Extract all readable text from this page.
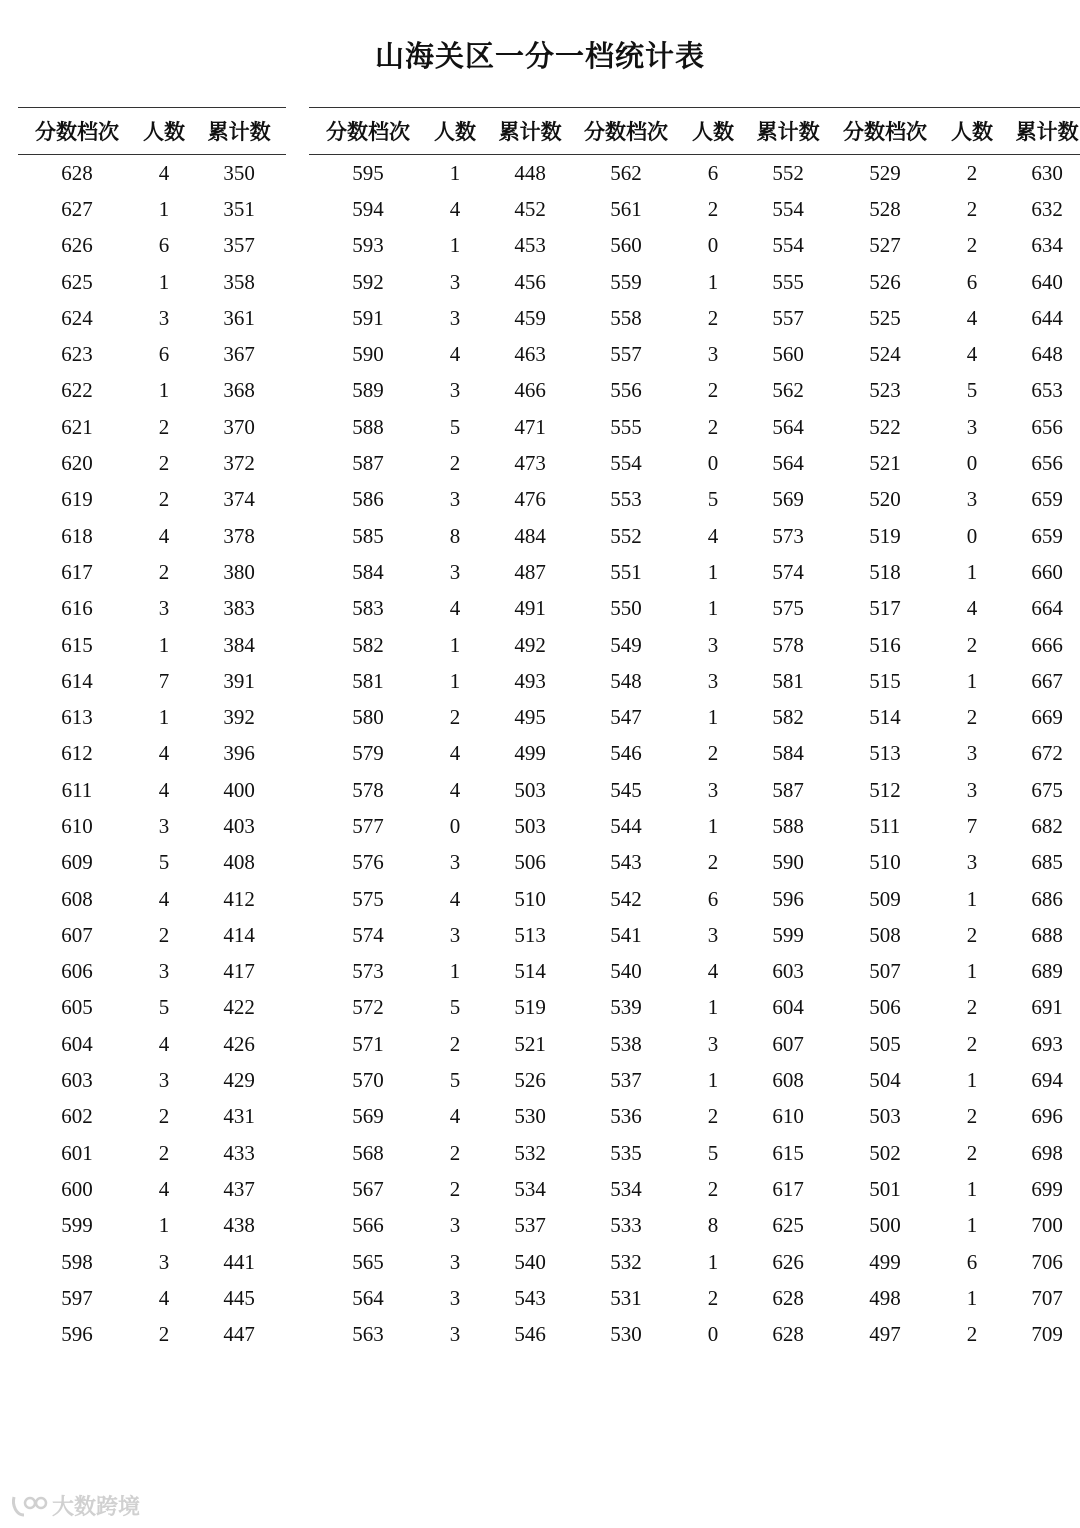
山海关区一分一档统计表
分数档次	人数	累计数
628	4	350
627	1	351
626	6	357
625	1	358
624	3	361
623	6	367
622	1	368
621	2	370
620	2	372
619	2	374
618	4	378
617	2	380
616	3	383
615	1	384
614	7	391
613	1	392
612	4	396
611	4	400
610	3	403
609	5	408
608	4	412
607	2	414
606	3	417
605	5	422
604	4	426
603	3	429
602	2	431
601	2	433
600	4	437
599	1	438
598	3	441
597	4	445
596	2	447
分数档次	人数	累计数
595	1	448
594	4	452
593	1	453
592	3	456
591	3	459
590	4	463
589	3	466
588	5	471
587	2	473
586	3	476
585	8	484
584	3	487
583	4	491
582	1	492
581	1	493
580	2	495
579	4	499
578	4	503
577	0	503
576	3	506
575	4	510
574	3	513
573	1	514
572	5	519
571	2	521
570	5	526
569	4	530
568	2	532
567	2	534
566	3	537
565	3	540
564	3	543
563	3	546
分数档次	人数	累计数
562	6	552
561	2	554
560	0	554
559	1	555
558	2	557
557	3	560
556	2	562
555	2	564
554	0	564
553	5	569
552	4	573
551	1	574
550	1	575
549	3	578
548	3	581
547	1	582
546	2	584
545	3	587
544	1	588
543	2	590
542	6	596
541	3	599
540	4	603
539	1	604
538	3	607
537	1	608
536	2	610
535	5	615
534	2	617
533	8	625
532	1	626
531	2	628
530	0	628
分数档次	人数	累计数
529	2	630
528	2	632
527	2	634
526	6	640
525	4	644
524	4	648
523	5	653
522	3	656
521	0	656
520	3	659
519	0	659
518	1	660
517	4	664
516	2	666
515	1	667
514	2	669
513	3	672
512	3	675
511	7	682
510	3	685
509	1	686
508	2	688
507	1	689
506	2	691
505	2	693
504	1	694
503	2	696
502	2	698
501	1	699
500	1	700
499	6	706
498	1	707
497	2	709
大数跨境
